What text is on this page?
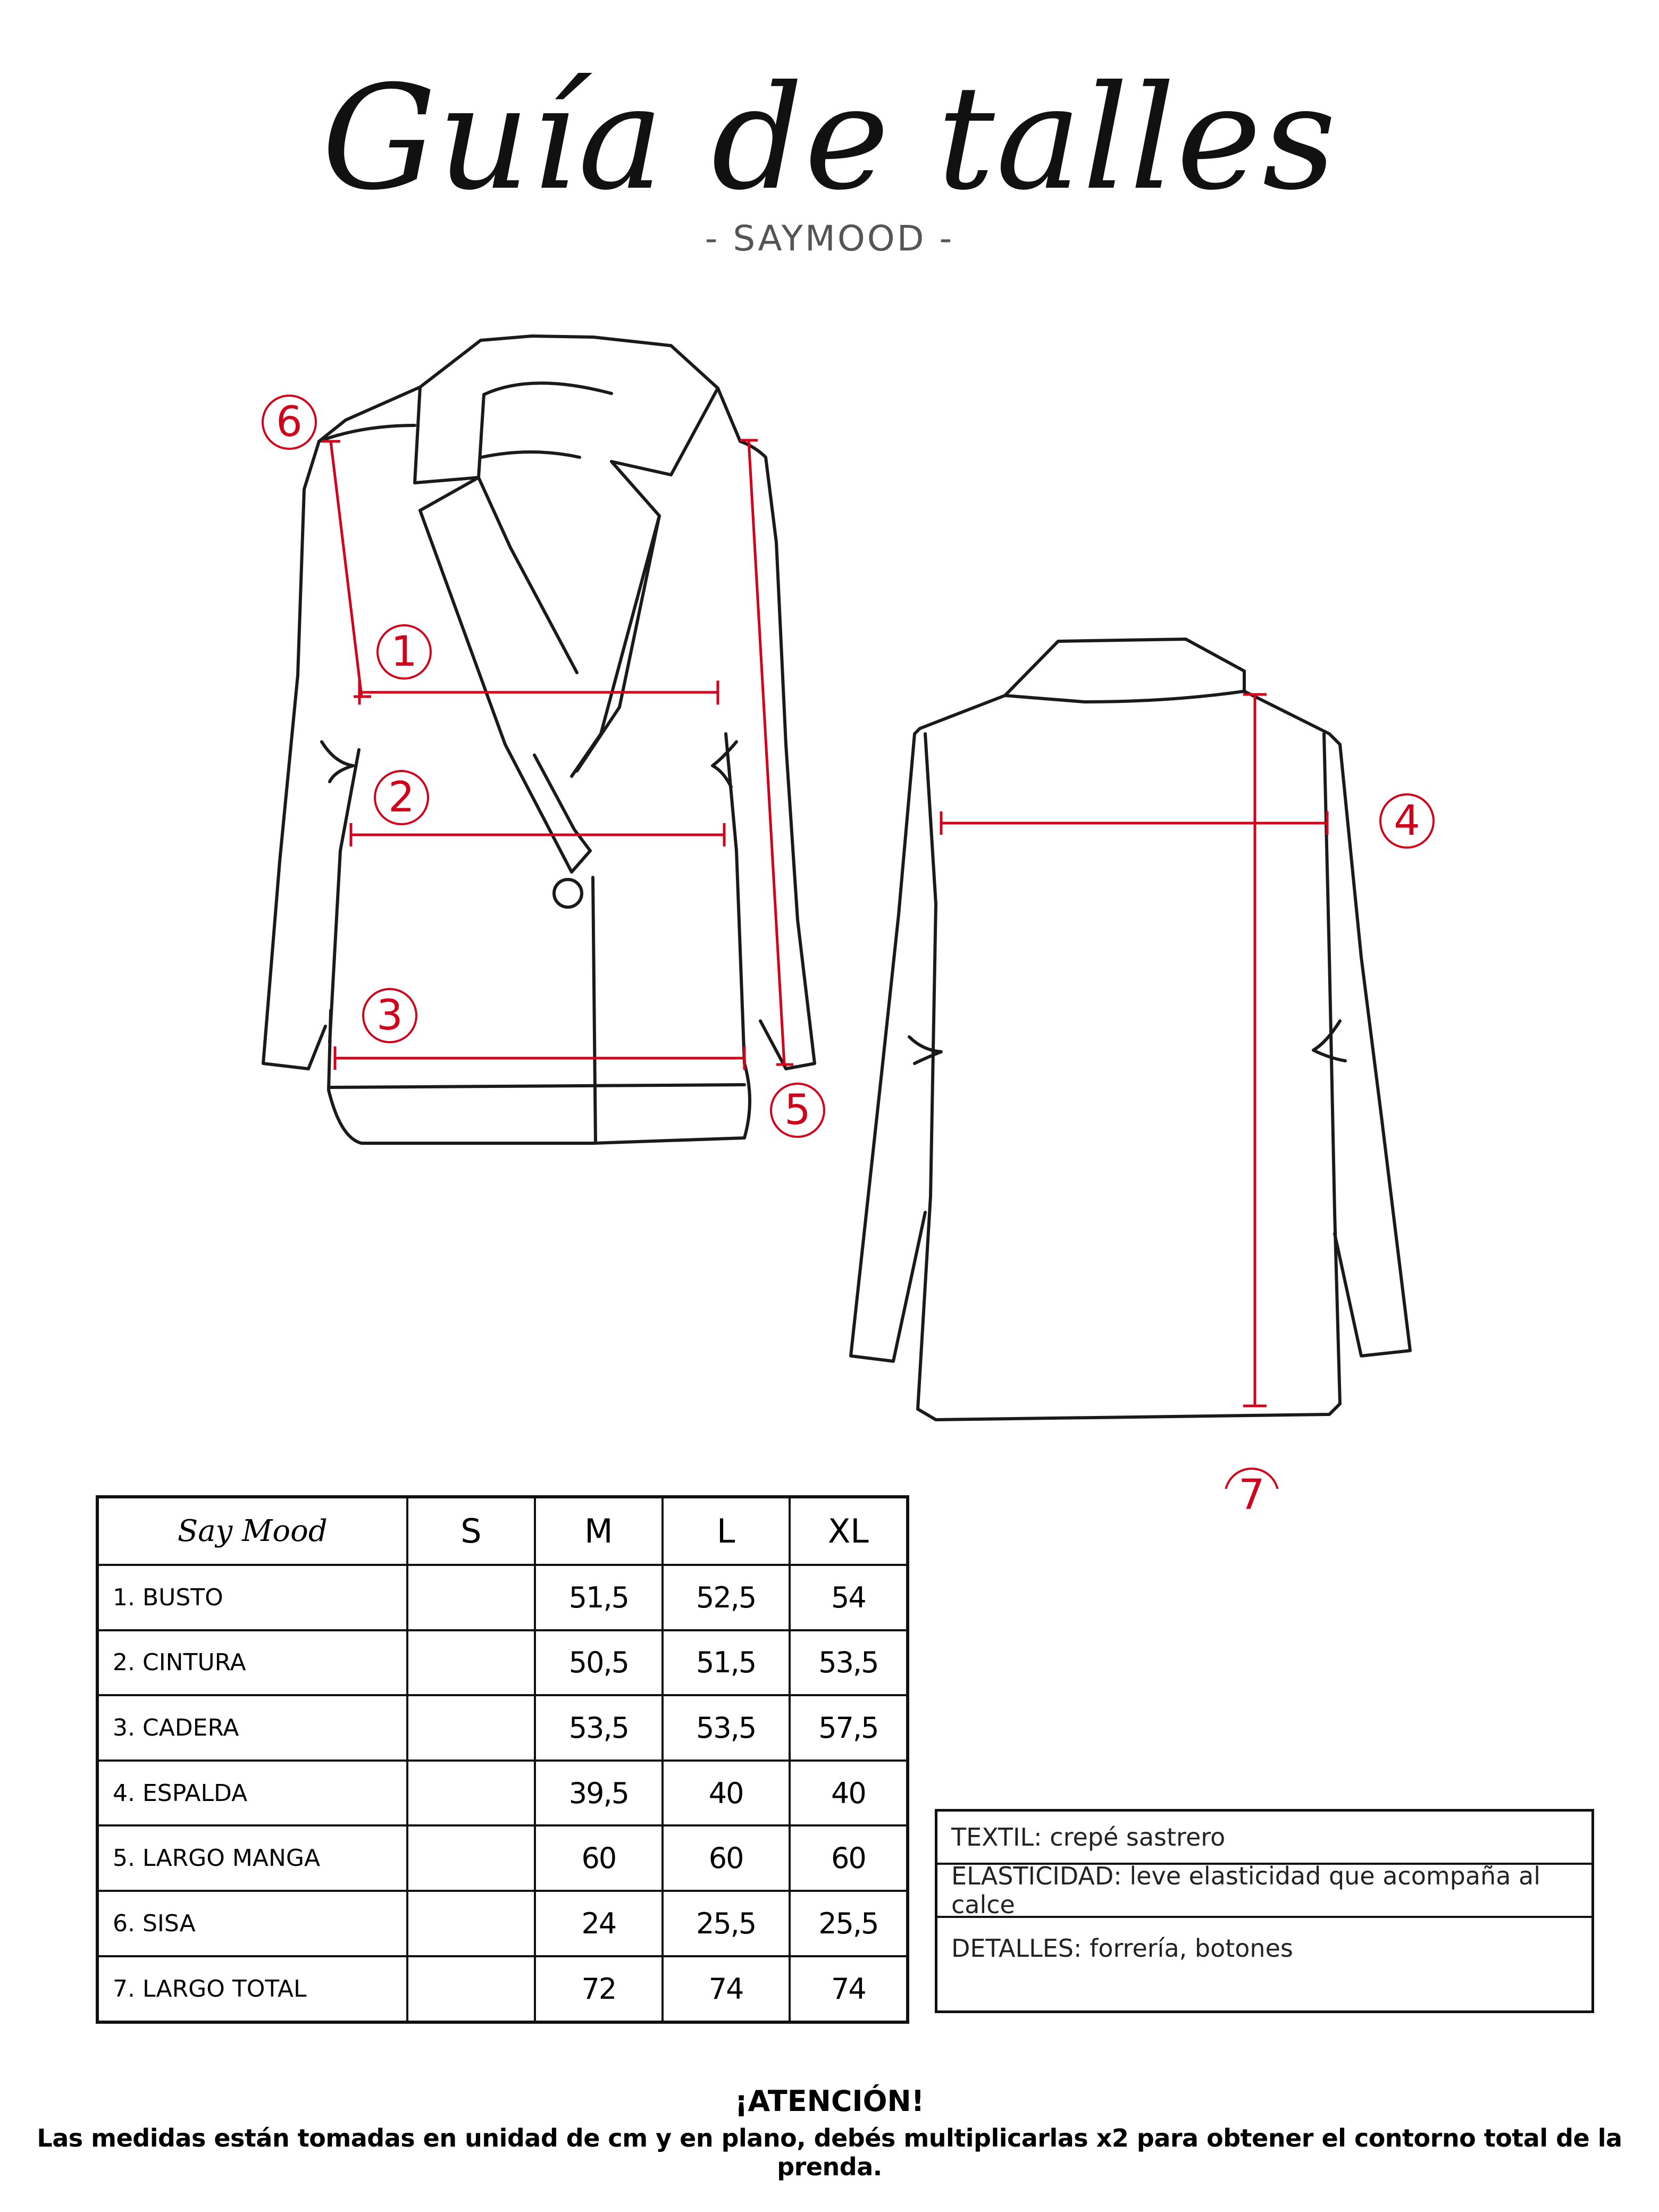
Guía de talles
- SAYMOOD -
6
1
2
3
5
4
7
Say Mood	S	M	L	XL
1. BUSTO		51,5	52,5	54
2. CINTURA		50,5	51,5	53,5
3. CADERA		53,5	53,5	57,5
4. ESPALDA		39,5	40	40
5. LARGO MANGA		60	60	60
6. SISA		24	25,5	25,5
7. LARGO TOTAL		72	74	74
TEXTIL: crepé sastrero
ELASTICIDAD: leve elasticidad que acompaña al calce
DETALLES: forrería, botones
¡ATENCIÓN!
Las medidas están tomadas en unidad de cm y en plano, debés multiplicarlas x2 para obtener el contorno total de la prenda.
